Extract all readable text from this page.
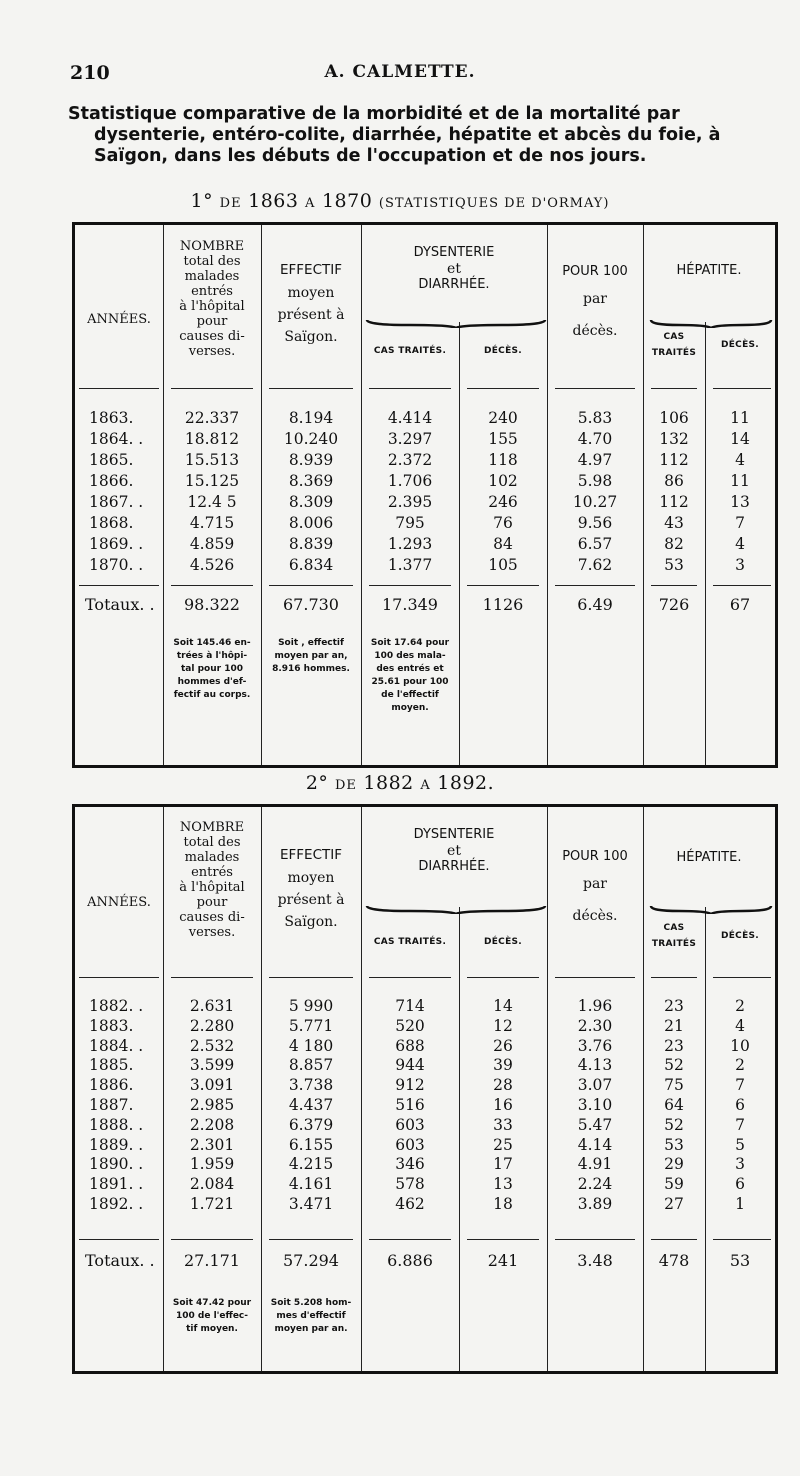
210	A. CALMETTE.
Statistique comparative de la morbidité et de la mortalité par
dysenterie, entéro-colite, diarrhée, hépatite et abcès du foie, à
Saïgon, dans les débuts de l'occupation et de nos jours.
1° DE 1863 A 1870 (STATISTIQUES DE D'ORMAY)
ANNÉES.
NOMBRE
total des
malades
entrés
à l'hôpital
pour
causes di-
verses.
EFFECTIF
moyen
présent à
Saïgon.
DYSENTERIE
et
DIARRHÉE.
CAS TRAITÉS.	DÉCÈS.
POUR 100
par
décès.
HÉPATITE.
CAS
TRAITÉS
DÉCÈS.
1863.	22.337	8.194	4.414	240	5.83	106	11
1864. .	18.812	10.240	3.297	155	4.70	132	14
1865.	15.513	8.939	2.372	118	4.97	112	4
1866.	15.125	8.369	1.706	102	5.98	86	11
1867. .	12.4 5	8.309	2.395	246	10.27	112	13
1868.	4.715	8.006	795	76	9.56	43	7
1869. .	4.859	8.839	1.293	84	6.57	82	4
1870. .	4.526	6.834	1.377	105	7.62	53	3
Totaux. .	98.322	67.730	17.349	1126	6.49	726	67
Soit 145.46 en-
trées à l'hôpi-
tal pour 100
hommes d'ef-
fectif au corps.
Soit , effectif
moyen par an,
8.916 hommes.
Soit 17.64 pour
100 des mala-
des entrés et
25.61 pour 100
de l'effectif
moyen.
2° DE 1882 A 1892.
ANNÉES.
NOMBRE
total des
malades
entrés
à l'hôpital
pour
causes di-
verses.
EFFECTIF
moyen
présent à
Saïgon.
DYSENTERIE
et
DIARRHÉE.
CAS TRAITÉS.	DÉCÈS.
POUR 100
par
décès.
HÉPATITE.
CAS
TRAITÉS
DÉCÈS.
1882. .	2.631	5 990	714	14	1.96	23	2
1883.	2.280	5.771	520	12	2.30	21	4
1884. .	2.532	4 180	688	26	3.76	23	10
1885.	3.599	8.857	944	39	4.13	52	2
1886.	3.091	3.738	912	28	3.07	75	7
1887.	2.985	4.437	516	16	3.10	64	6
1888. .	2.208	6.379	603	33	5.47	52	7
1889. .	2.301	6.155	603	25	4.14	53	5
1890. .	1.959	4.215	346	17	4.91	29	3
1891. .	2.084	4.161	578	13	2.24	59	6
1892. .	1.721	3.471	462	18	3.89	27	1
Totaux. .	27.171	57.294	6.886	241	3.48	478	53
Soit 47.42 pour
100 de l'effec-
tif moyen.
Soit 5.208 hom-
mes d'effectif
moyen par an.
